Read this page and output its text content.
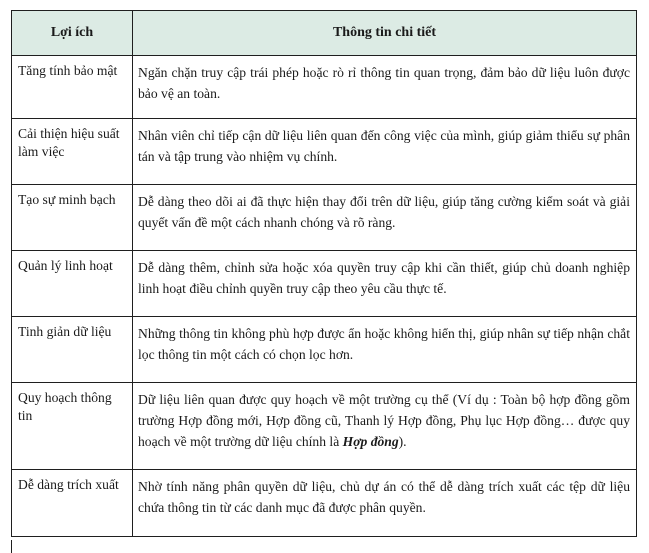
Lợi ích	Thông tin chi tiết
Tăng tính bảo mật	Ngăn chặn truy cập trái phép hoặc rò rỉ thông tin quan trọng, đảm bảo dữ liệu luôn được bảo vệ an toàn.
Cải thiện hiệu suất làm việc	Nhân viên chỉ tiếp cận dữ liệu liên quan đến công việc của mình, giúp giảm thiểu sự phân tán và tập trung vào nhiệm vụ chính.
Tạo sự minh bạch	Dễ dàng theo dõi ai đã thực hiện thay đổi trên dữ liệu, giúp tăng cường kiểm soát và giải quyết vấn đề một cách nhanh chóng và rõ ràng.
Quản lý linh hoạt	Dễ dàng thêm, chỉnh sửa hoặc xóa quyền truy cập khi cần thiết, giúp chủ doanh nghiệp linh hoạt điều chỉnh quyền truy cập theo yêu cầu thực tế.
Tinh giản dữ liệu	Những thông tin không phù hợp được ẩn hoặc không hiển thị, giúp nhân sự tiếp nhận chắt lọc thông tin một cách có chọn lọc hơn.
Quy hoạch thông tin	Dữ liệu liên quan được quy hoạch về một trường cụ thể (Ví dụ : Toàn bộ hợp đồng gồm trường Hợp đồng mới, Hợp đồng cũ, Thanh lý Hợp đồng, Phụ lục Hợp đồng… được quy hoạch về một trường dữ liệu chính là Hợp đồng).
Dễ dàng trích xuất	Nhờ tính năng phân quyền dữ liệu, chủ dự án có thể dễ dàng trích xuất các tệp dữ liệu chứa thông tin từ các danh mục đã được phân quyền.
